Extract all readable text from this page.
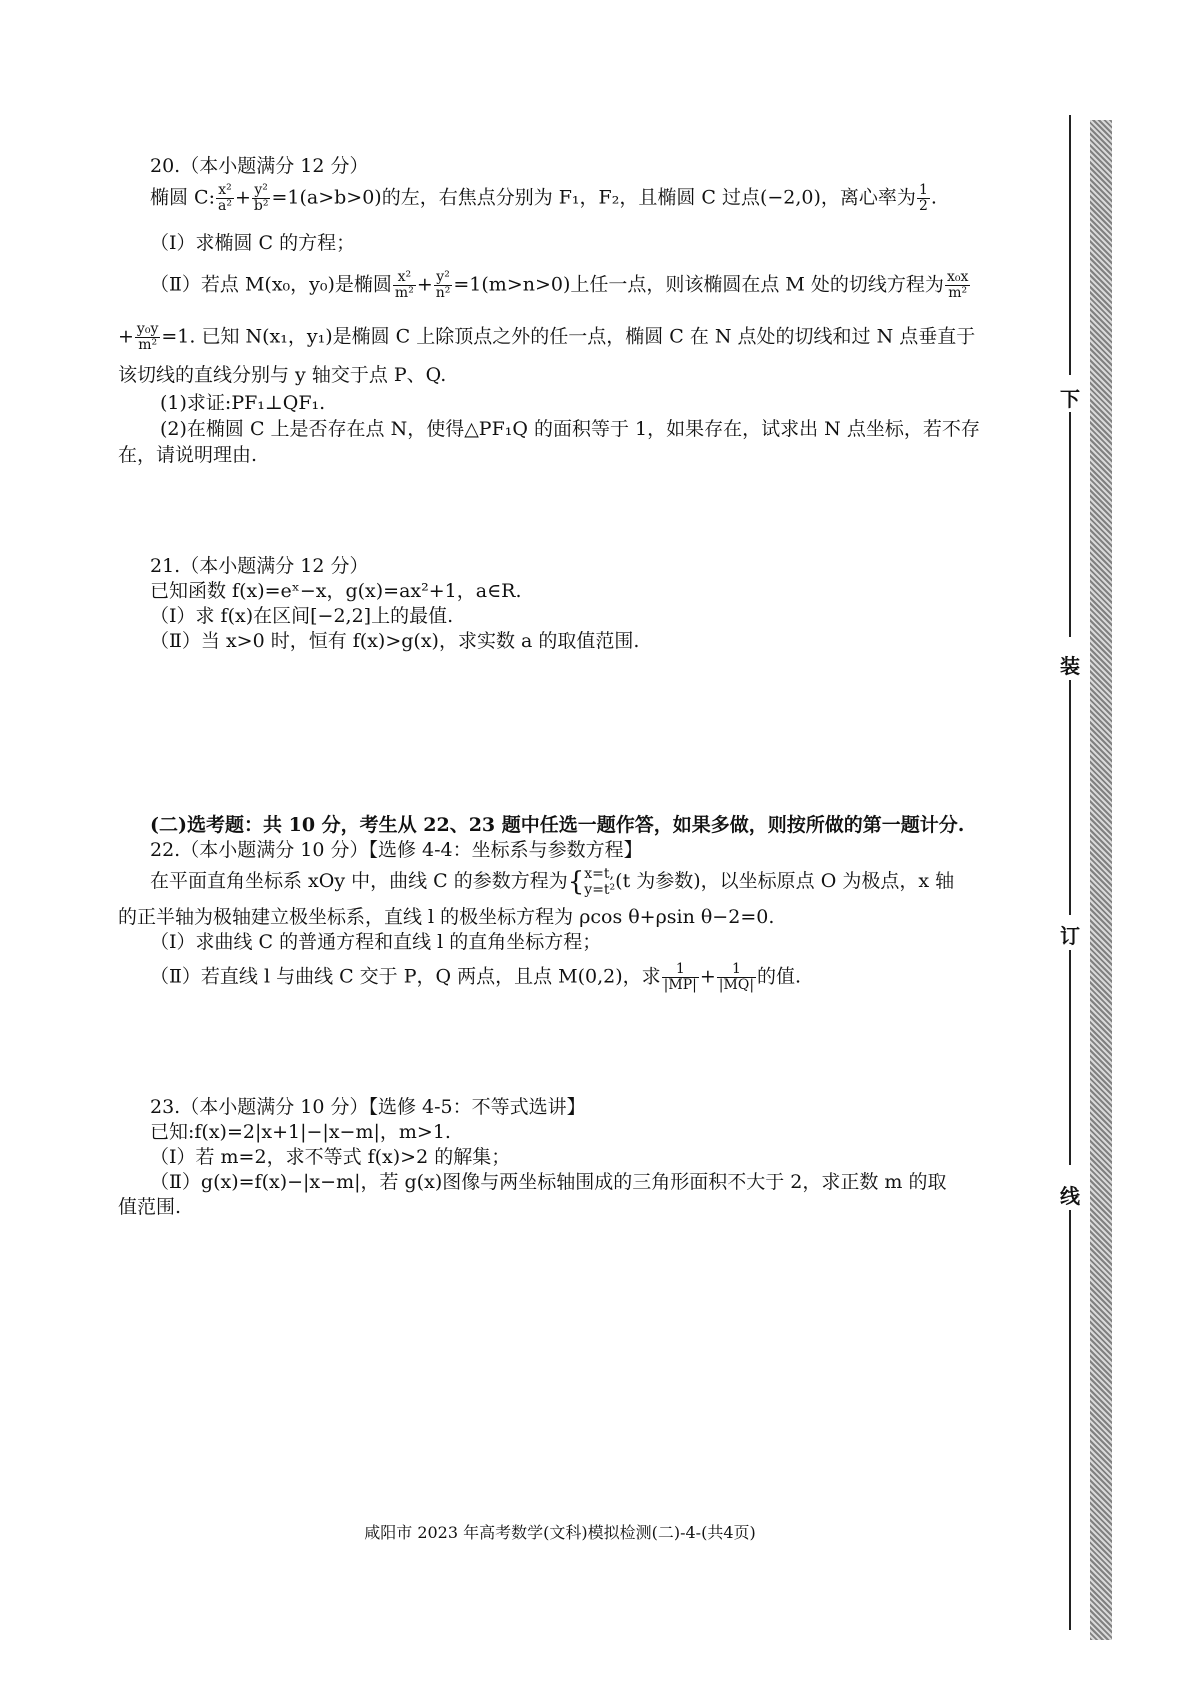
20.（本小题满分 12 分）
椭圆 C: $\frac{\text{x²}}{\text{a²}} + \frac{\text{y²}}{\text{b²}} =1(a>b>0)$的左，右焦点分别为 F₁，F₂，且椭圆 C 过点(−2,0)，离心率为 $\frac{1}{2}$ .
（Ⅰ）求椭圆 C 的方程；
（Ⅱ）若点 M(x₀，y₀)是椭圆 $\frac{\text{x²}}{\text{m²}} + \frac{\text{y²}}{\text{n²}} =1(m>n>0)$上任一点，则该椭圆在点 M 处的切线方程为 $\frac{\text{x₀x}}{\text{m²}}$
+ $\frac{\text{y₀y}}{\text{m²}} =1$. 已知 N(x₁，y₁)是椭圆 C 上除顶点之外的任一点，椭圆 C 在 N 点处的切线和过 N 点垂直于
该切线的直线分别与 y 轴交于点 P、Q.
(1)求证:PF₁⊥QF₁.
(2)在椭圆 C 上是否存在点 N，使得△PF₁Q 的面积等于 1，如果存在，试求出 N 点坐标，若不存
在，请说明理由.
21.（本小题满分 12 分）
已知函数 f(x)=eˣ−x，g(x)=ax²+1，a∈R.
（Ⅰ）求 f(x)在区间[−2,2]上的最值.
（Ⅱ）当 x>0 时，恒有 f(x)>g(x)，求实数 a 的取值范围.
(二)选考题：共 10 分，考生从 22、23 题中任选一题作答，如果多做，则按所做的第一题计分.
22.（本小题满分 10 分）【选修 4-4：坐标系与参数方程】
在平面直角坐标系 xOy 中，曲线 C 的参数方程为{ x=t,
y=t² (t 为参数)，以坐标原点 O 为极点，x 轴
的正半轴为极轴建立极坐标系，直线 l 的极坐标方程为 ρcos θ+ρsin θ−2=0.
（Ⅰ）求曲线 C 的普通方程和直线 l 的直角坐标方程；
（Ⅱ）若直线 l 与曲线 C 交于 P，Q 两点，且点 M(0,2)，求 $\frac{1}{|MP|} + \frac{1}{|MQ|}$ 的值.
23.（本小题满分 10 分）【选修 4-5：不等式选讲】
已知:f(x)=2|x+1|−|x−m|，m>1.
（Ⅰ）若 m=2，求不等式 f(x)>2 的解集；
（Ⅱ）g(x)=f(x)−|x−m|，若 g(x)图像与两坐标轴围成的三角形面积不大于 2，求正数 m 的取
值范围.
咸阳市 2023 年高考数学(文科)模拟检测(二)-4-(共4页)
下
装
订
线
